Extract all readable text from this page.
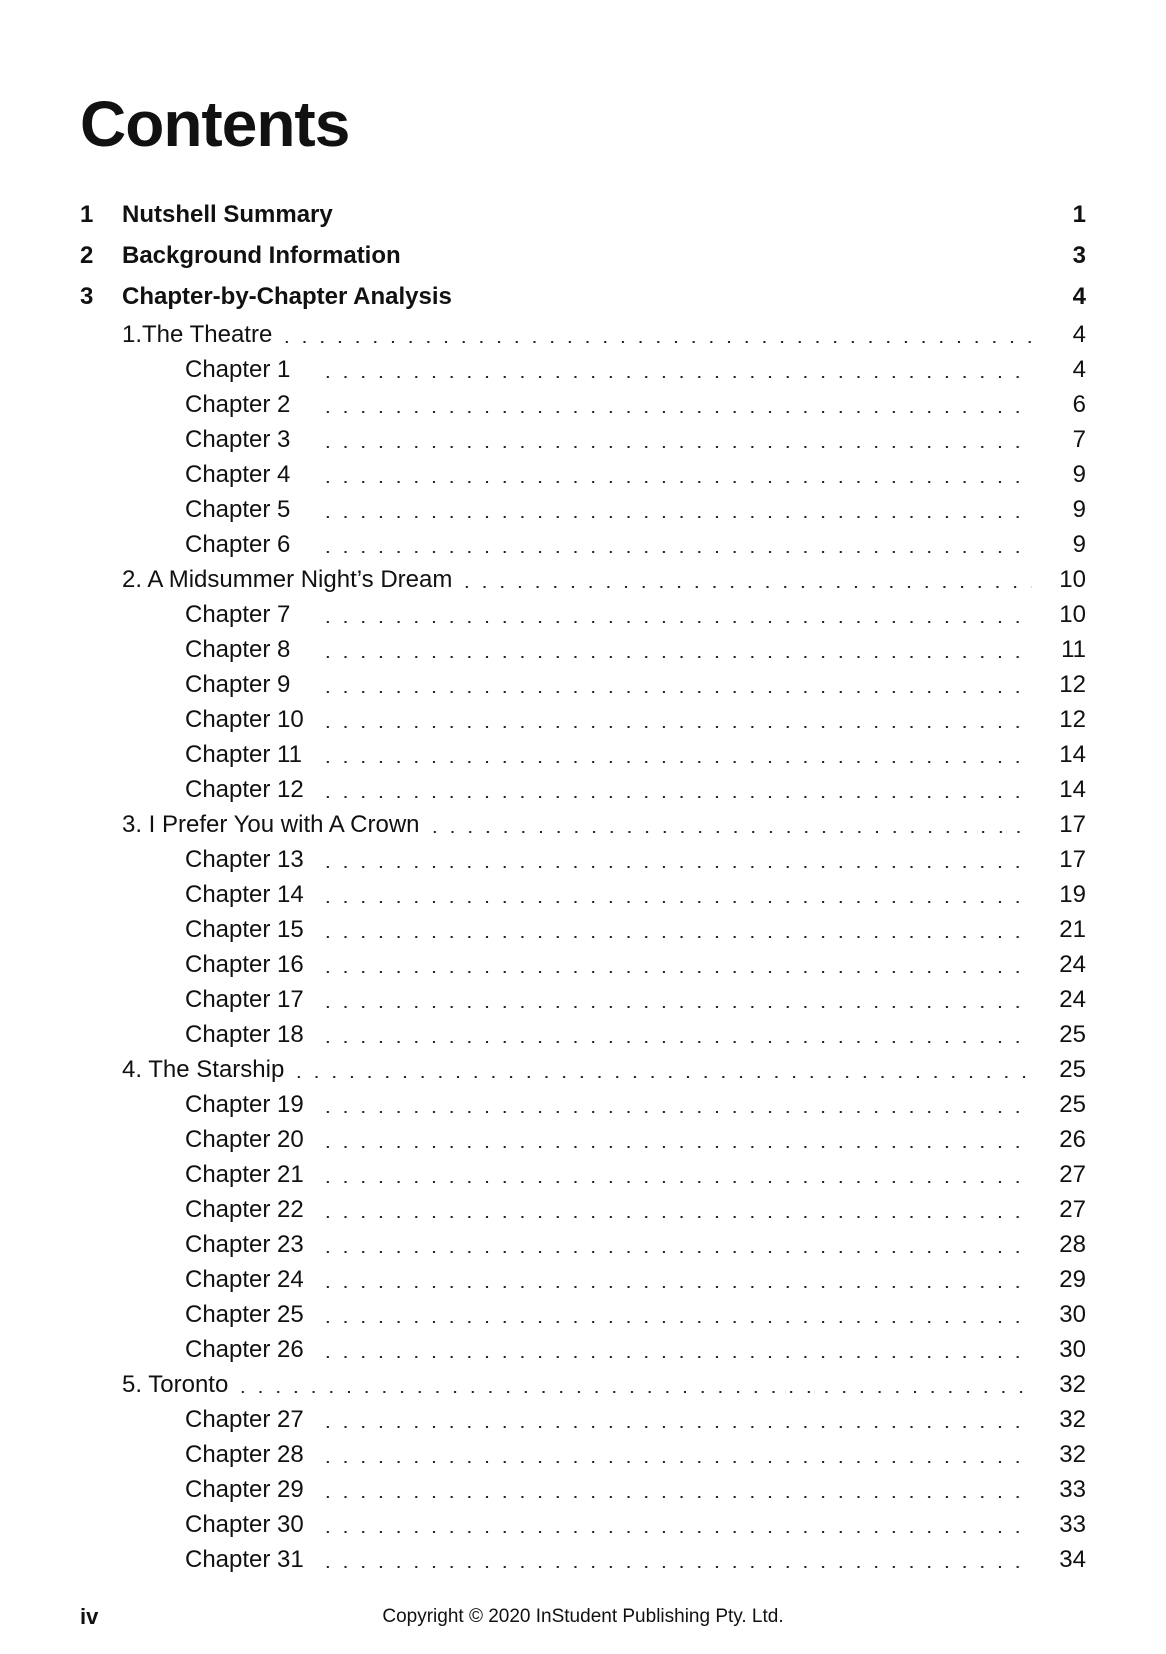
Contents
1	Nutshell Summary	1
2	Background Information	3
3	Chapter-by-Chapter Analysis	4
1.The Theatre	4
Chapter 1	4
Chapter 2	6
Chapter 3	7
Chapter 4	9
Chapter 5	9
Chapter 6	9
2. A Midsummer Night’s Dream	10
Chapter 7	10
Chapter 8	11
Chapter 9	12
Chapter 10	12
Chapter 11	14
Chapter 12	14
3. I Prefer You with A Crown	17
Chapter 13	17
Chapter 14	19
Chapter 15	21
Chapter 16	24
Chapter 17	24
Chapter 18	25
4. The Starship	25
Chapter 19	25
Chapter 20	26
Chapter 21	27
Chapter 22	27
Chapter 23	28
Chapter 24	29
Chapter 25	30
Chapter 26	30
5. Toronto	32
Chapter 27	32
Chapter 28	32
Chapter 29	33
Chapter 30	33
Chapter 31	34
iv	Copyright © 2020 InStudent Publishing Pty. Ltd.
